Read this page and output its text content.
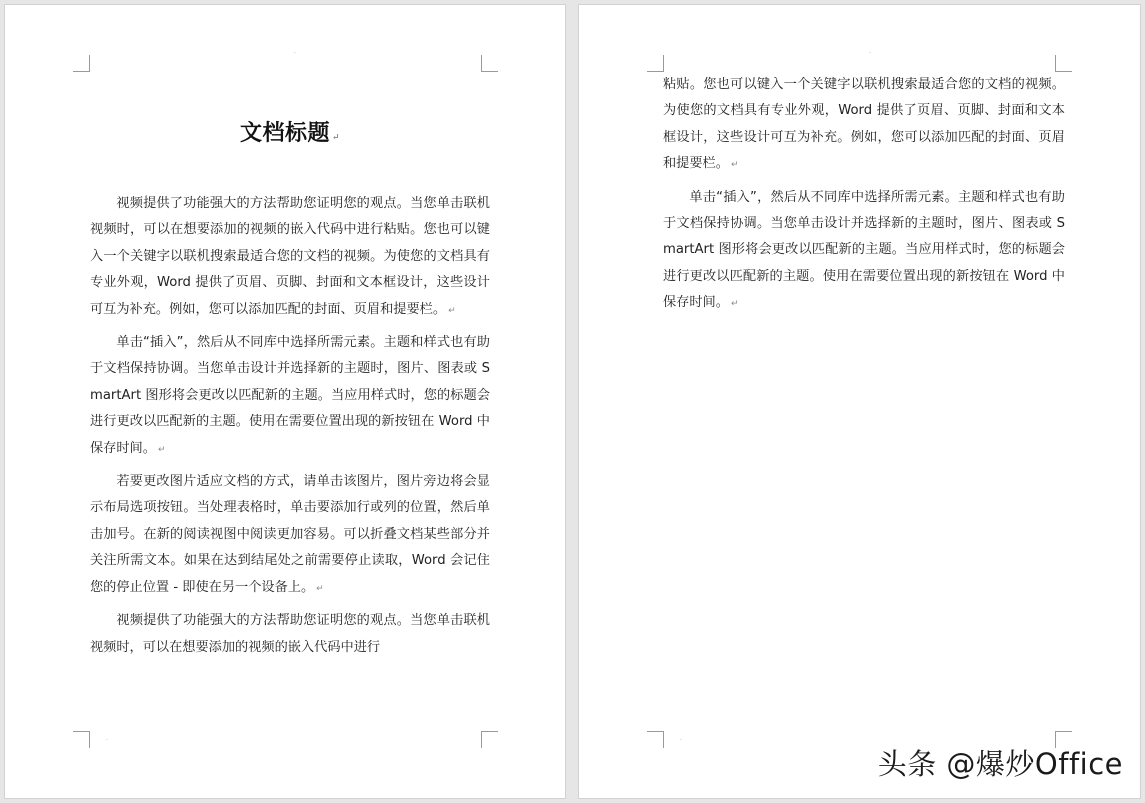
·
·
文档标题 ↵

视频提供了功能强大的方法帮助您证明您的观点。当您单击联机视频时，可以在想要添加的视频的嵌入代码中进行粘贴。您也可以键入一个关键字以联机搜索最适合您的文档的视频。为使您的文档具有专业外观，Word 提供了页眉、页脚、封面和文本框设计，这些设计可互为补充。例如，您可以添加匹配的封面、页眉和提要栏。 ↵

单击“插入”，然后从不同库中选择所需元素。主题和样式也有助于文档保持协调。当您单击设计并选择新的主题时，图片、图表或 SmartArt 图形将会更改以匹配新的主题。当应用样式时，您的标题会进行更改以匹配新的主题。使用在需要位置出现的新按钮在 Word 中保存时间。 ↵

若要更改图片适应文档的方式，请单击该图片，图片旁边将会显示布局选项按钮。当处理表格时，单击要添加行或列的位置，然后单击加号。在新的阅读视图中阅读更加容易。可以折叠文档某些部分并关注所需文本。如果在达到结尾处之前需要停止读取，Word 会记住您的停止位置 - 即使在另一个设备上。 ↵

视频提供了功能强大的方法帮助您证明您的观点。当您单击联机视频时，可以在想要添加的视频的嵌入代码中进行

·
·

粘贴。您也可以键入一个关键字以联机搜索最适合您的文档的视频。为使您的文档具有专业外观，Word 提供了页眉、页脚、封面和文本框设计，这些设计可互为补充。例如，您可以添加匹配的封面、页眉和提要栏。 ↵

单击“插入”，然后从不同库中选择所需元素。主题和样式也有助于文档保持协调。当您单击设计并选择新的主题时，图片、图表或 SmartArt 图形将会更改以匹配新的主题。当应用样式时，您的标题会进行更改以匹配新的主题。使用在需要位置出现的新按钮在 Word 中保存时间。 ↵

头条 @爆炒Office
